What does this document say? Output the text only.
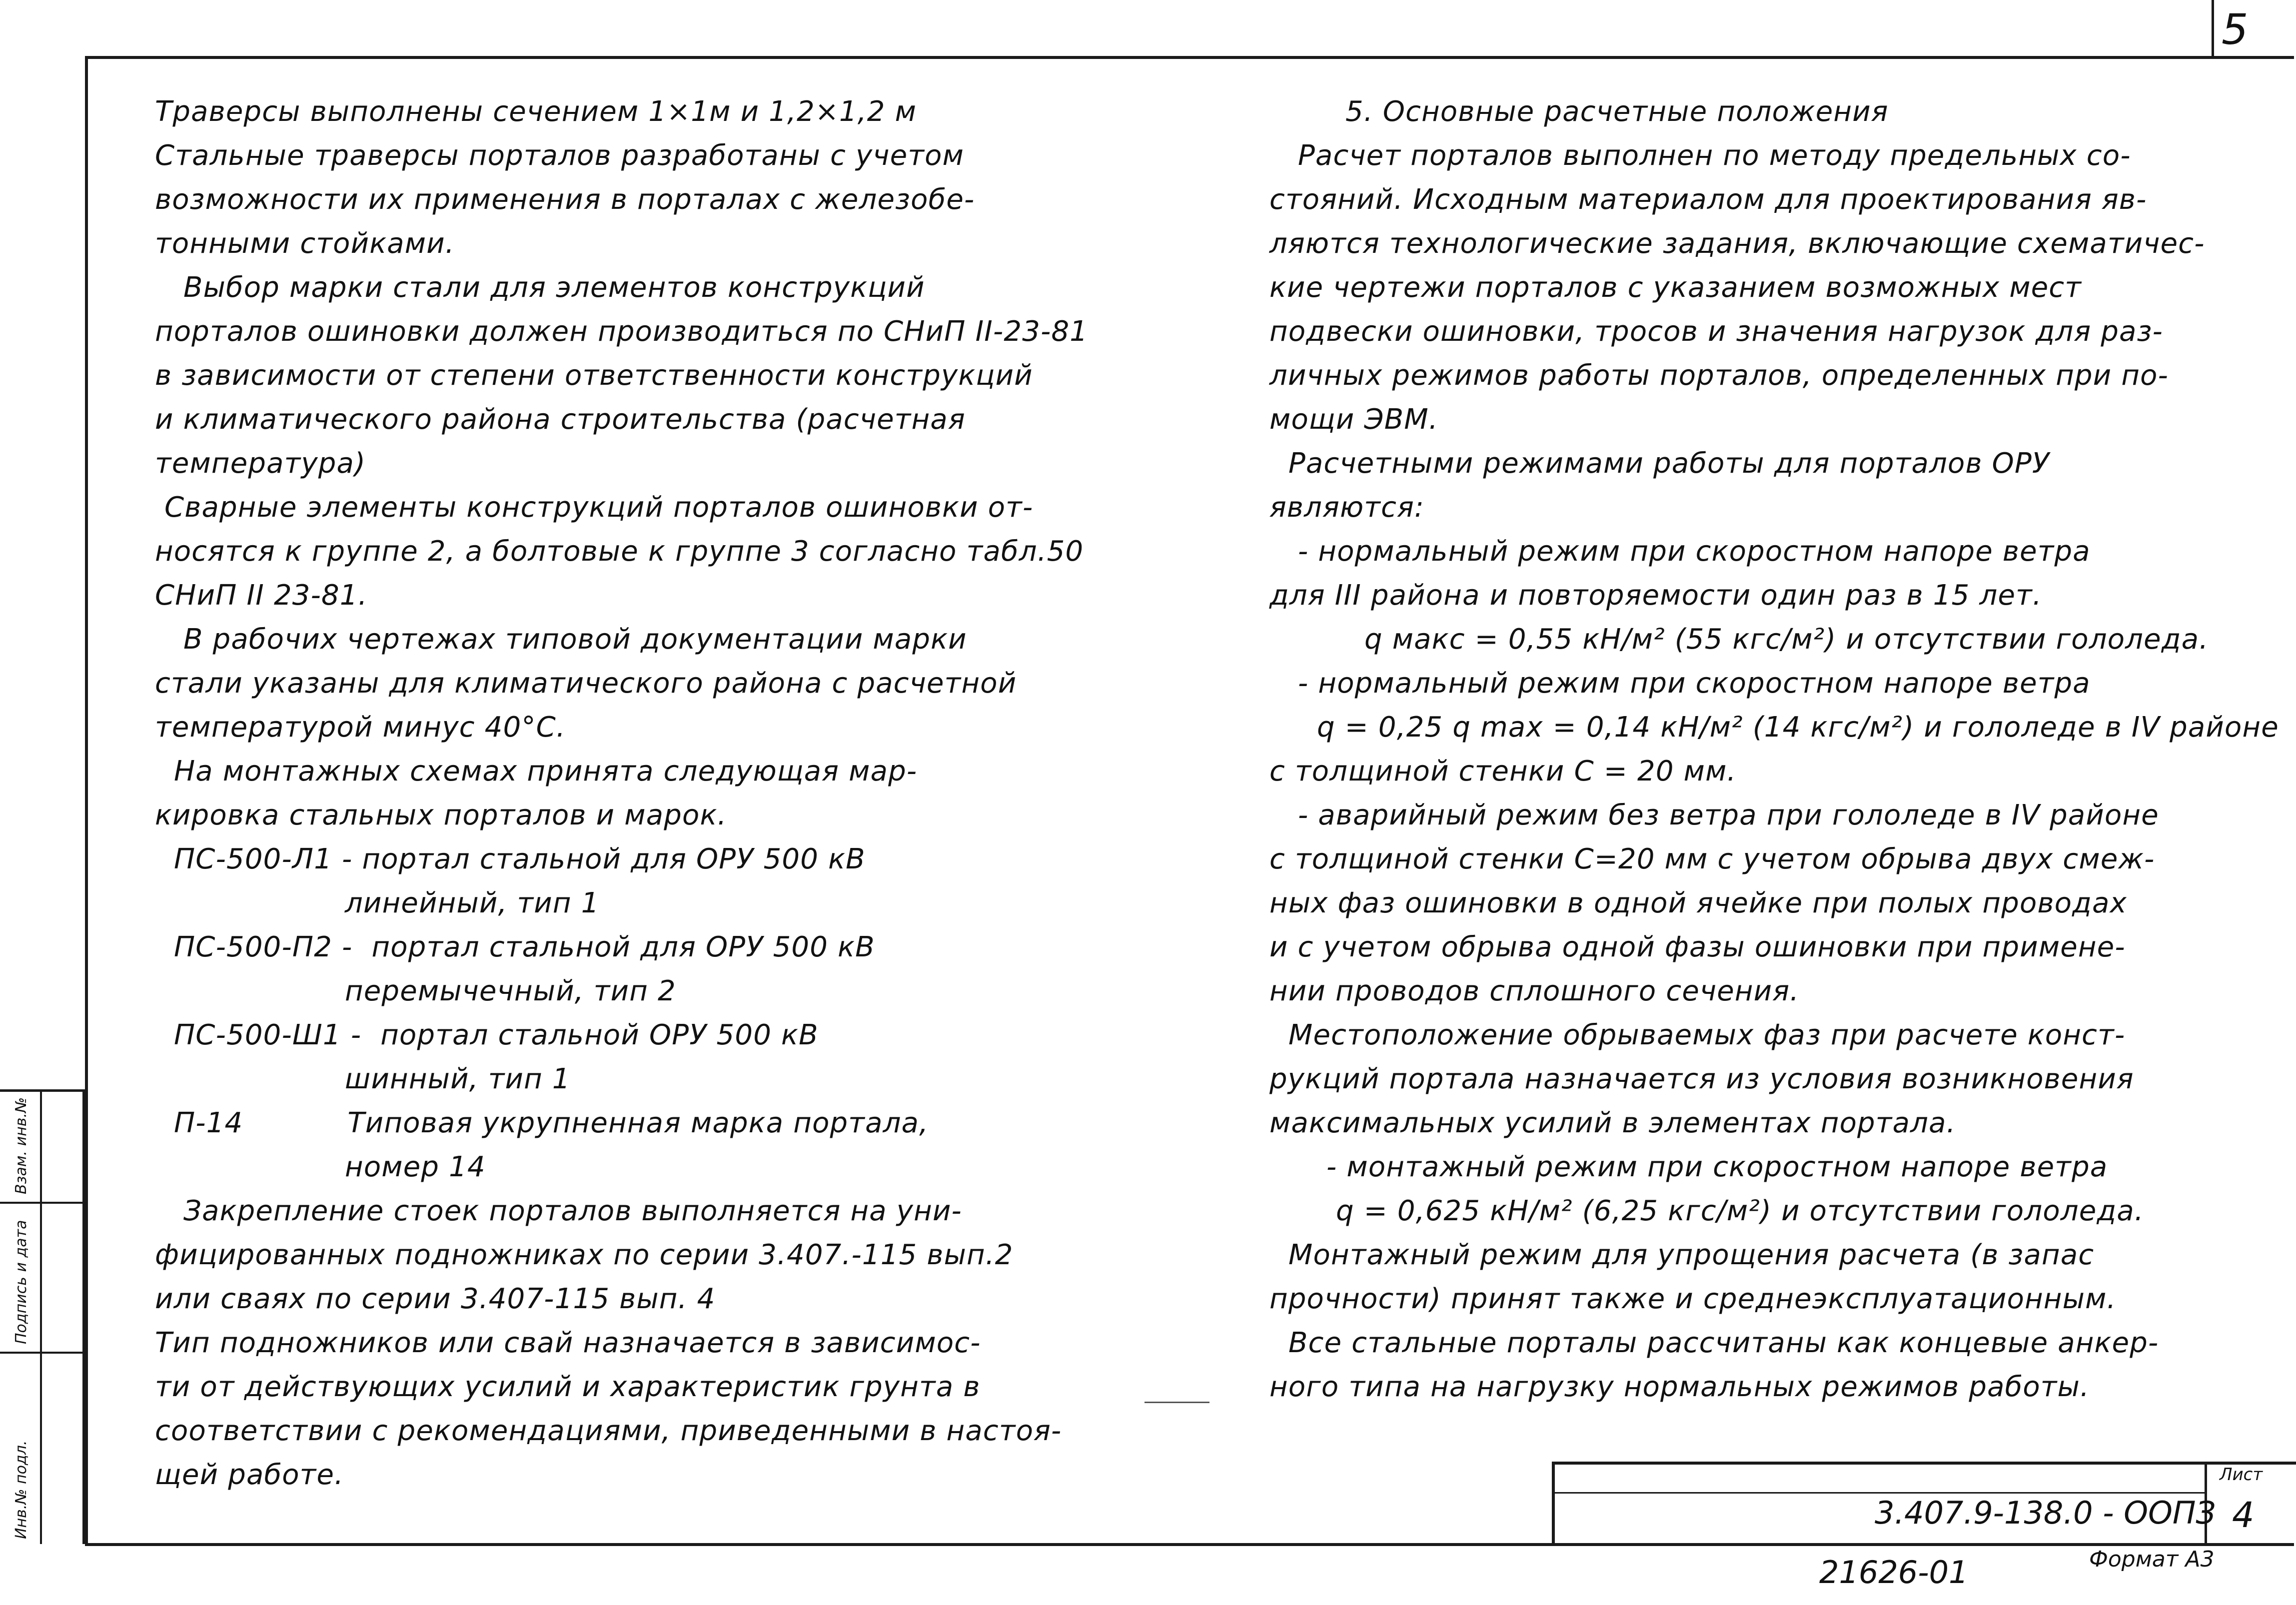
5
Траверсы выполнены сечением 1×1м и 1,2×1,2 м
Стальные траверсы порталов разработаны с учетом
возможности их применения в порталах с железобе-
тонными стойками.
Выбор марки стали для элементов конструкций
порталов ошиновки должен производиться по СНиП II-23-81
в зависимости от степени ответственности конструкций
и климатического района строительства (расчетная
температура)
Сварные элементы конструкций порталов ошиновки от-
носятся к группе 2, а болтовые к группе 3 согласно табл.50
СНиП II 23-81.
В рабочих чертежах типовой документации марки
стали указаны для климатического района с расчетной
температурой минус 40°С.
На монтажных схемах принята следующая мар-
кировка стальных порталов и марок.
ПС-500-Л1 - портал стальной для ОРУ 500 кВ
линейный, тип 1
ПС-500-П2 -  портал стальной для ОРУ 500 кВ
перемычечный, тип 2
ПС-500-Ш1 -  портал стальной ОРУ 500 кВ
шинный, тип 1
П-14           Типовая укрупненная марка портала,
номер 14
Закрепление стоек порталов выполняется на уни-
фицированных подножниках по серии 3.407.-115 вып.2
или сваях по серии 3.407-115 вып. 4
Тип подножников или свай назначается в зависимос-
ти от действующих усилий и характеристик грунта в
соответствии с рекомендациями, приведенными в настоя-
щей работе.
5. Основные расчетные положения
Расчет порталов выполнен по методу предельных со-
стояний. Исходным материалом для проектирования яв-
ляются технологические задания, включающие схематичес-
кие чертежи порталов с указанием возможных мест
подвески ошиновки, тросов и значения нагрузок для раз-
личных режимов работы порталов, определенных при по-
мощи ЭВМ.
Расчетными режимами работы для порталов ОРУ
являются:
- нормальный режим при скоростном напоре ветра
для III района и повторяемости один раз в 15 лет.
q макс = 0,55 кН/м² (55 кгс/м²) и отсутствии гололеда.
- нормальный режим при скоростном напоре ветра
q = 0,25 q max = 0,14 кН/м² (14 кгс/м²) и гололеде в IV районе
с толщиной стенки С = 20 мм.
- аварийный режим без ветра при гололеде в IV районе
с толщиной стенки С=20 мм с учетом обрыва двух смеж-
ных фаз ошиновки в одной ячейке при полых проводах
и с учетом обрыва одной фазы ошиновки при примене-
нии проводов сплошного сечения.
Местоположение обрываемых фаз при расчете конст-
рукций портала назначается из условия возникновения
максимальных усилий в элементах портала.
- монтажный режим при скоростном напоре ветра
q = 0,625 кН/м² (6,25 кгс/м²) и отсутствии гололеда.
Монтажный режим для упрощения расчета (в запас
прочности) принят также и среднеэксплуатационным.
Все стальные порталы рассчитаны как концевые анкер-
ного типа на нагрузку нормальных режимов работы.
Инв.№ подл.
Подпись и дата
Взам. инв.№
3.407.9-138.0 - ООПЗ
Лист
4
21626-01	Формат А3
